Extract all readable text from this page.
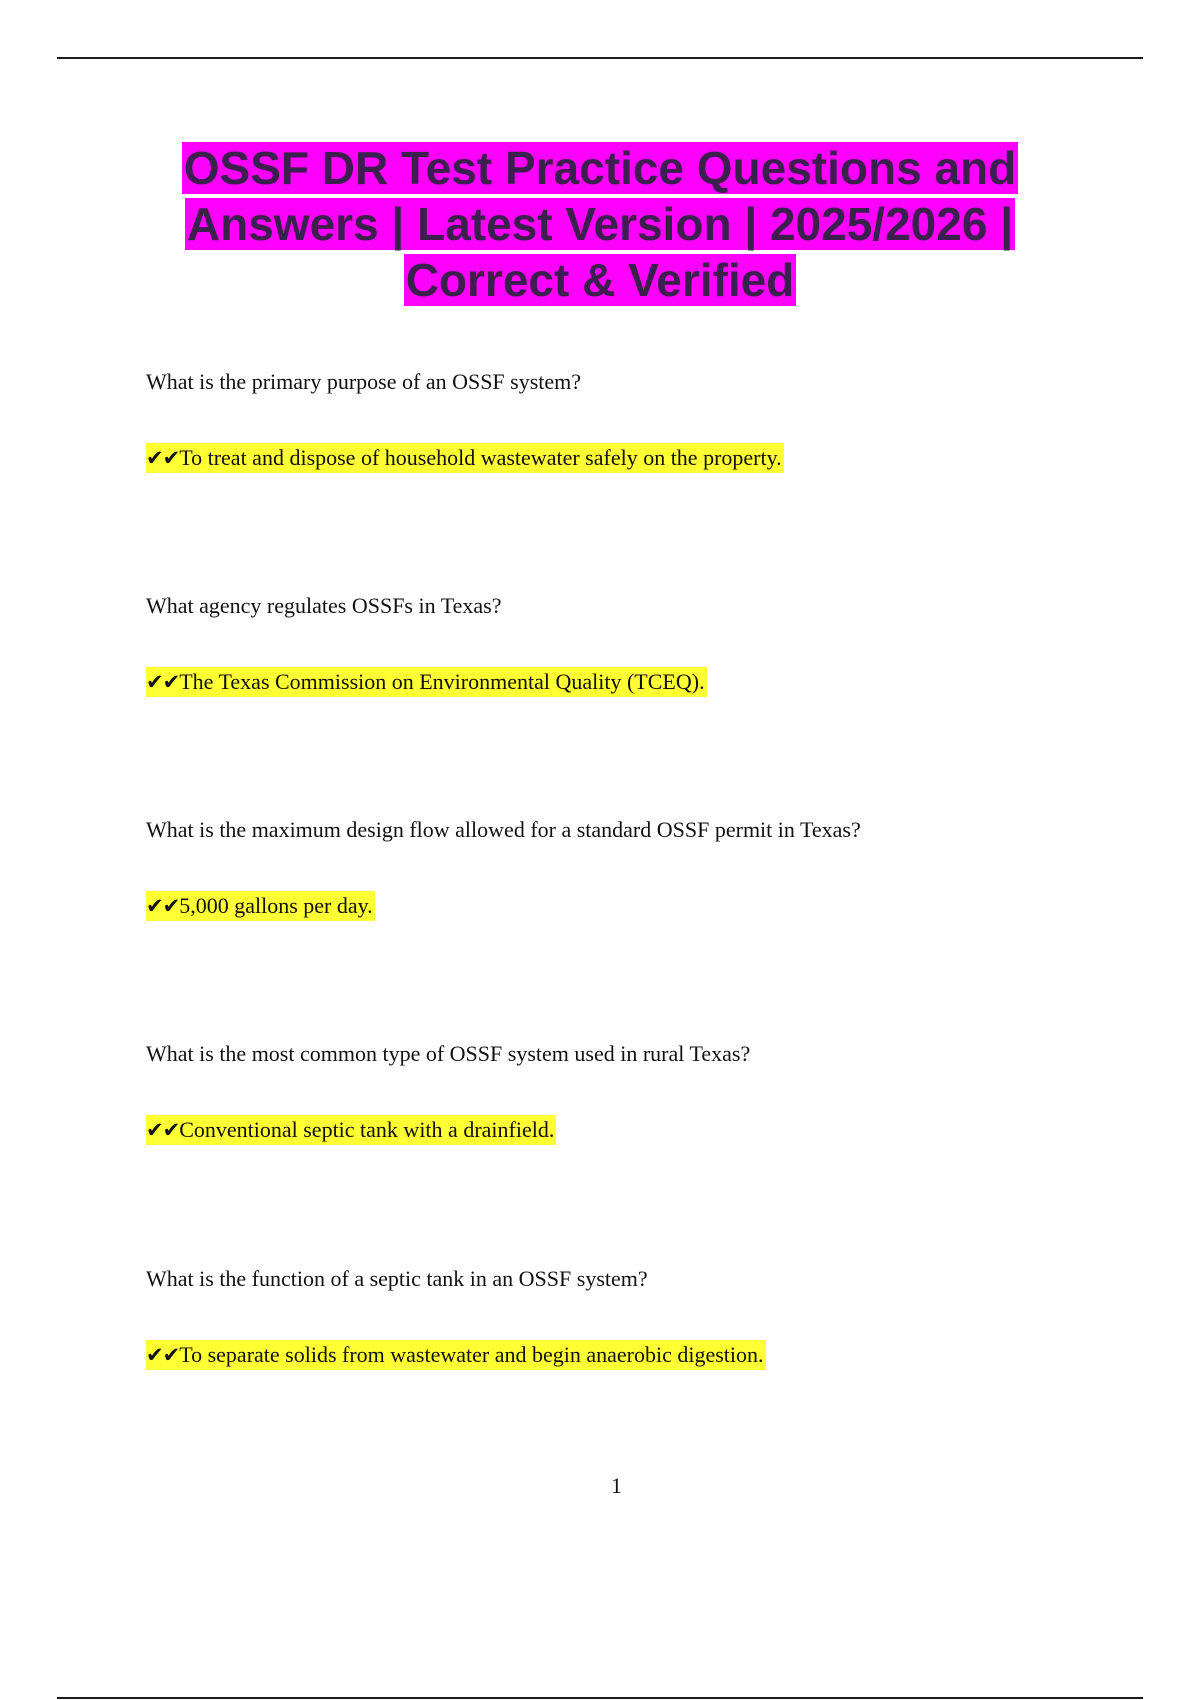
OSSF DR Test Practice Questions and Answers | Latest Version | 2025/2026 | Correct & Verified

What is the primary purpose of an OSSF system?

✔✔To treat and dispose of household wastewater safely on the property.

What agency regulates OSSFs in Texas?

✔✔The Texas Commission on Environmental Quality (TCEQ).

What is the maximum design flow allowed for a standard OSSF permit in Texas?

✔✔5,000 gallons per day.

What is the most common type of OSSF system used in rural Texas?

✔✔Conventional septic tank with a drainfield.

What is the function of a septic tank in an OSSF system?

✔✔To separate solids from wastewater and begin anaerobic digestion.

1
